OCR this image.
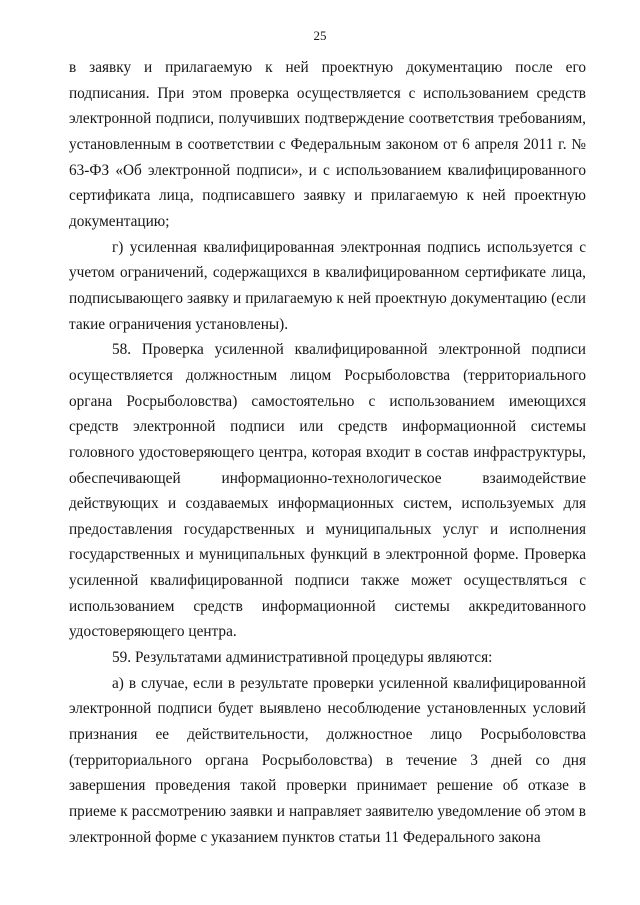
25

в заявку и прилагаемую к ней проектную документацию после его подписания. При этом проверка осуществляется с использованием средств электронной подписи, получивших подтверждение соответствия требованиям, установленным в соответствии с Федеральным законом от 6 апреля 2011 г. № 63-ФЗ «Об электронной подписи», и с использованием квалифицированного сертификата лица, подписавшего заявку и прилагаемую к ней проектную документацию;

г) усиленная квалифицированная электронная подпись используется с учетом ограничений, содержащихся в квалифицированном сертификате лица, подписывающего заявку и прилагаемую к ней проектную документацию (если такие ограничения установлены).

58. Проверка усиленной квалифицированной электронной подписи осуществляется должностным лицом Росрыболовства (территориального органа Росрыболовства) самостоятельно с использованием имеющихся средств электронной подписи или средств информационной системы головного удостоверяющего центра, которая входит в состав инфраструктуры, обеспечивающей информационно-технологическое взаимодействие действующих и создаваемых информационных систем, используемых для предоставления государственных и муниципальных услуг и исполнения государственных и муниципальных функций в электронной форме. Проверка усиленной квалифицированной подписи также может осуществляться с использованием средств информационной системы аккредитованного удостоверяющего центра.

59. Результатами административной процедуры являются:

а) в случае, если в результате проверки усиленной квалифицированной электронной подписи будет выявлено несоблюдение установленных условий признания ее действительности, должностное лицо Росрыболовства (территориального органа Росрыболовства) в течение 3 дней со дня завершения проведения такой проверки принимает решение об отказе в приеме к рассмотрению заявки и направляет заявителю уведомление об этом в электронной форме с указанием пунктов статьи 11 Федерального закона
